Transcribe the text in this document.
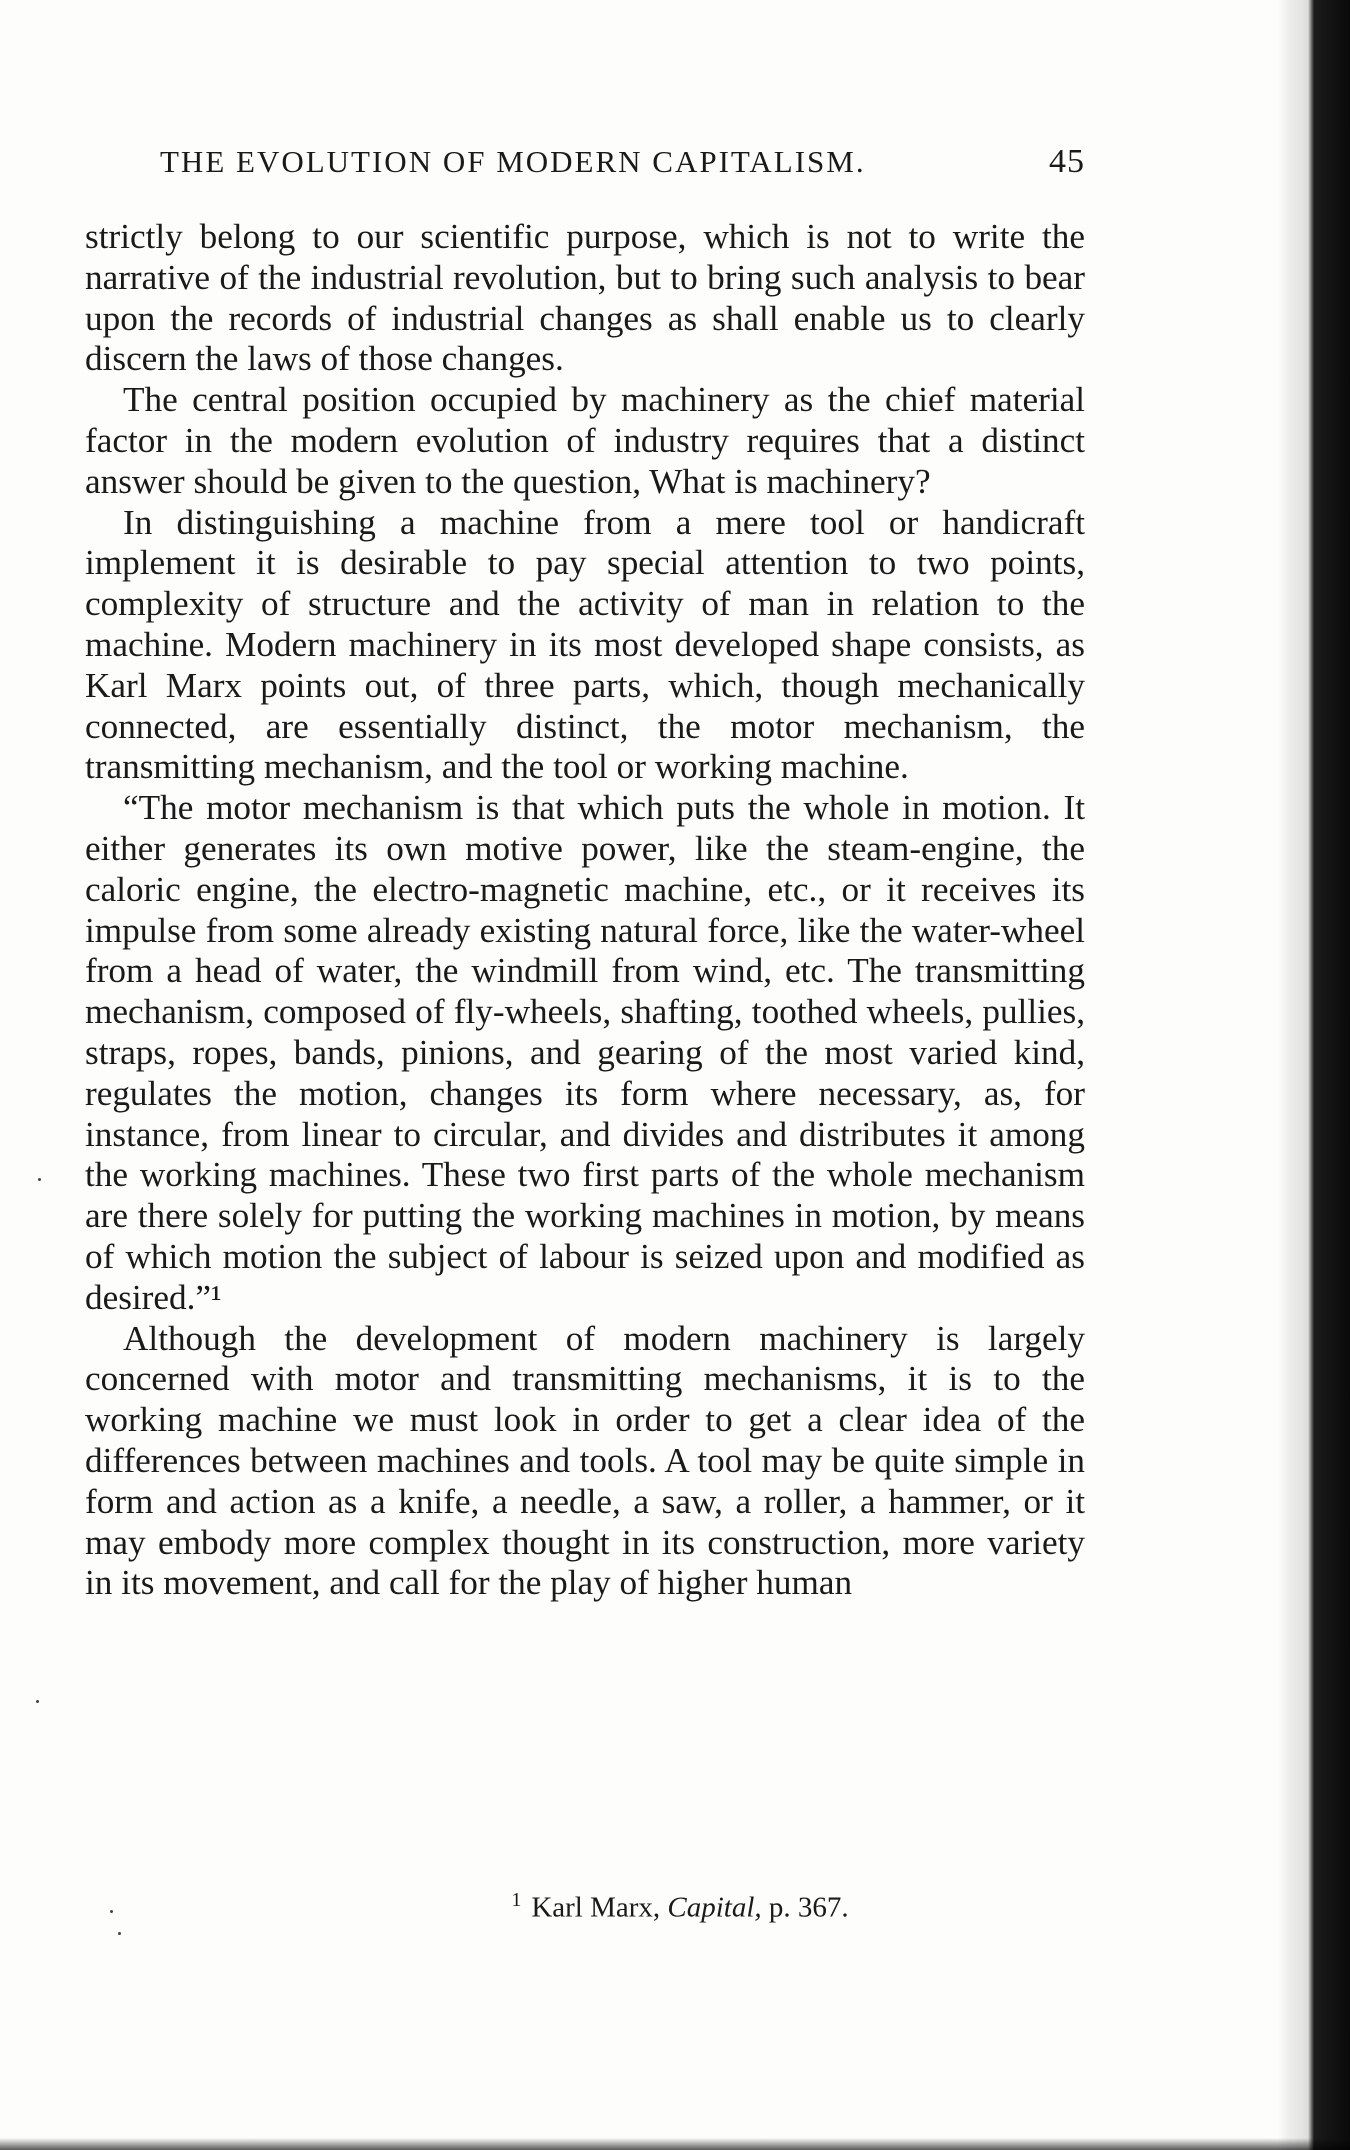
THE EVOLUTION OF MODERN CAPITALISM.	45

strictly belong to our scientific purpose, which is not to write the narrative of the industrial revolution, but to bring such analysis to bear upon the records of industrial changes as shall enable us to clearly discern the laws of those changes.

The central position occupied by machinery as the chief material factor in the modern evolution of industry requires that a distinct answer should be given to the question, What is machinery?

In distinguishing a machine from a mere tool or handicraft implement it is desirable to pay special attention to two points, complexity of structure and the activity of man in relation to the machine. Modern machinery in its most developed shape consists, as Karl Marx points out, of three parts, which, though mechanically connected, are essentially distinct, the motor mechanism, the transmitting mechanism, and the tool or working machine.

“The motor mechanism is that which puts the whole in motion. It either generates its own motive power, like the steam-engine, the caloric engine, the electro-magnetic machine, etc., or it receives its impulse from some already existing natural force, like the water-wheel from a head of water, the windmill from wind, etc. The transmitting mechanism, composed of fly-wheels, shafting, toothed wheels, pullies, straps, ropes, bands, pinions, and gearing of the most varied kind, regulates the motion, changes its form where necessary, as, for instance, from linear to circular, and divides and distributes it among the working machines. These two first parts of the whole mechanism are there solely for putting the working machines in motion, by means of which motion the subject of labour is seized upon and modified as desired.”¹

Although the development of modern machinery is largely concerned with motor and transmitting mechanisms, it is to the working machine we must look in order to get a clear idea of the differences between machines and tools. A tool may be quite simple in form and action as a knife, a needle, a saw, a roller, a hammer, or it may embody more complex thought in its construction, more variety in its movement, and call for the play of higher human

$^1$ Karl Marx, Capital, p. 367.
